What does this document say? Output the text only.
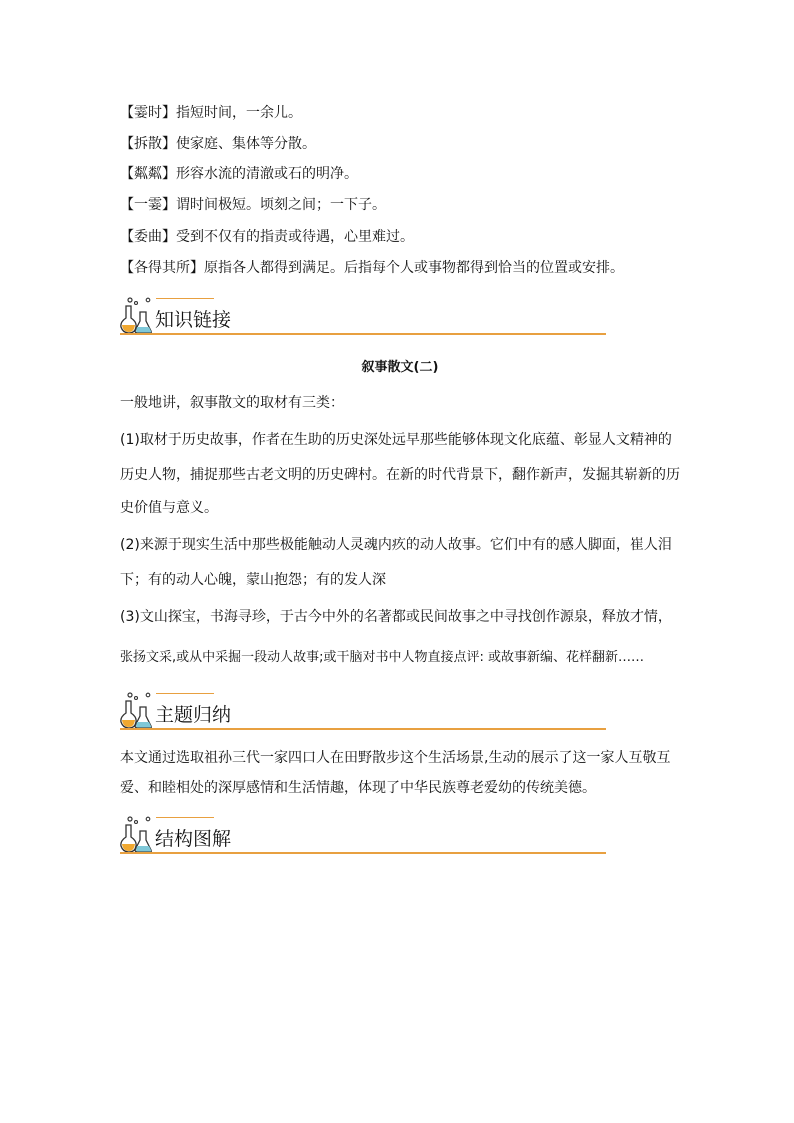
【霎时】指短时间，一余儿。
【拆散】使家庭、集体等分散。
【粼粼】形容水流的清澈或石的明净。
【一霎】谓时间极短。顷刻之间；一下子。
【委曲】受到不仅有的指责或待遇，心里难过。
【各得其所】原指各人都得到满足。后指每个人或事物都得到恰当的位置或安排。
知识链接
叙事散文(二)
一般地讲，叙事散文的取材有三类：
(1)取材于历史故事，作者在生助的历史深处远早那些能够体现文化底蕴、彰显人文精神的
历史人物，捕捉那些古老文明的历史碑村。在新的时代背景下，翻作新声，发掘其崭新的历
史价值与意义。
(2)来源于现实生活中那些极能触动人灵魂内疚的动人故事。它们中有的感人脚面，崔人泪
下；有的动人心魄，蒙山抱怨；有的发人深
(3)文山探宝，书海寻珍，于古今中外的名著都或民间故事之中寻找创作源泉，释放才情，
张扬文采,或从中采掘一段动人故事;或干脑对书中人物直接点评: 或故事新编、花样翻新……
主题归纳
本文通过选取祖孙三代一家四口人在田野散步这个生活场景,生动的展示了这一家人互敬互
爱、和睦相处的深厚感情和生活情趣，体现了中华民族尊老爱幼的传统美德。
结构图解
